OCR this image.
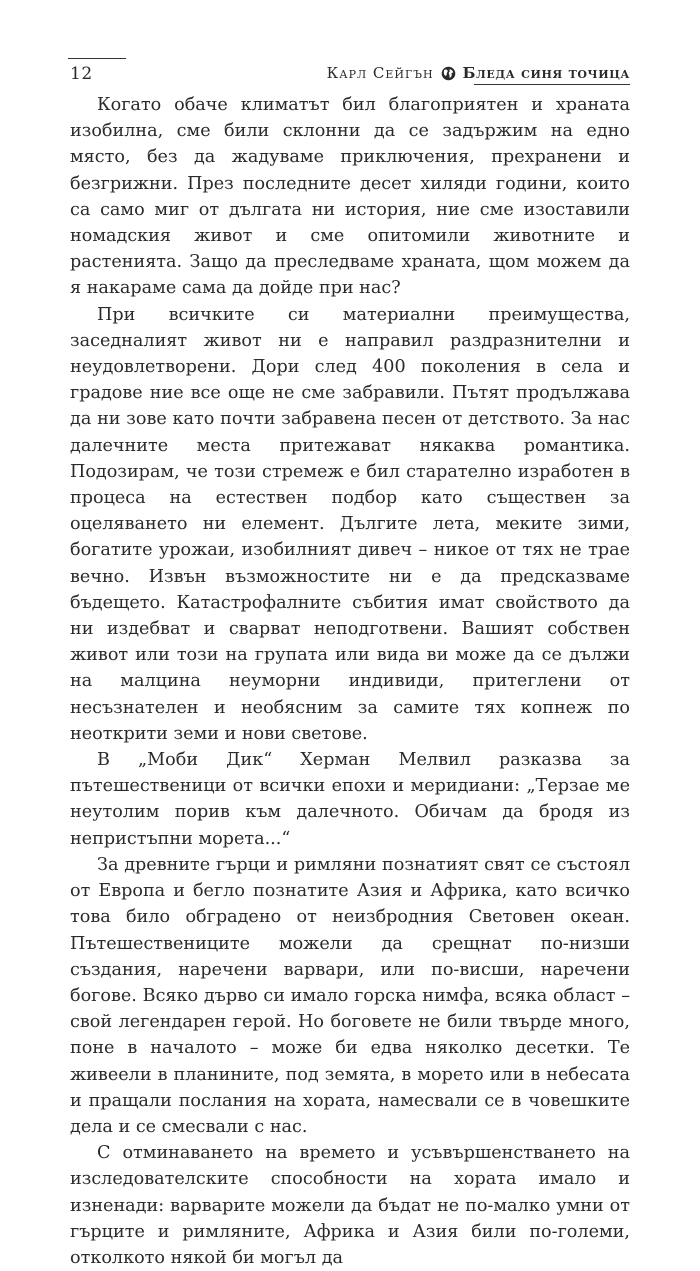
12	Карл Сейгън Бледа синя точица

Когато обаче климатът бил благоприятен и храната изобилна, сме били склонни да се задържим на едно място, без да жадуваме приключения, прехранени и безгрижни. През последните десет хиляди години, които са само миг от дългата ни история, ние сме изоставили номадския живот и сме опитомили животните и растенията. Защо да преследваме храната, щом можем да я накараме сама да дойде при нас?

При всичките си материални преимущества, заседналият живот ни е направил раздразнителни и неудовлетворени. Дори след 400 поколения в села и градове ние все още не сме забравили. Пътят продължава да ни зове като почти забравена песен от детството. За нас далечните места притежават някаква романтика. Подозирам, че този стремеж е бил старателно изработен в процеса на естествен подбор като съществен за оцеляването ни елемент. Дългите лета, меките зими, богатите урожаи, изобилният дивеч – никое от тях не трае вечно. Извън възможностите ни е да предсказваме бъдещето. Катастрофалните събития имат свойството да ни издебват и сварват неподготвени. Вашият собствен живот или този на групата или вида ви може да се дължи на малцина неуморни индивиди, притеглени от несъзнателен и необясним за самите тях копнеж по неоткрити земи и нови светове.

В „Моби Дик“ Херман Мелвил разказва за пътешественици от всички епохи и меридиани: „Терзае ме неутолим порив към далечното. Обичам да бродя из непристъпни морета...“

За древните гърци и римляни познатият свят се състоял от Европа и бегло познатите Азия и Африка, като всичко това било обградено от неизбродния Световен океан. Пътешествениците можели да срещнат по-низши създания, наречени варвари, или по-висши, наречени богове. Всяко дърво си имало горска нимфа, всяка област – свой легендарен герой. Но боговете не били твърде много, поне в началото – може би едва няколко десетки. Те живеели в планините, под земята, в морето или в небесата и пращали послания на хората, намесвали се в човешките дела и се смесвали с нас.

С отминаването на времето и усъвършенстването на изследователските способности на хората имало и изненади: варварите можели да бъдат не по-малко умни от гърците и римляните, Африка и Азия били по-големи, отколкото някой би могъл да
